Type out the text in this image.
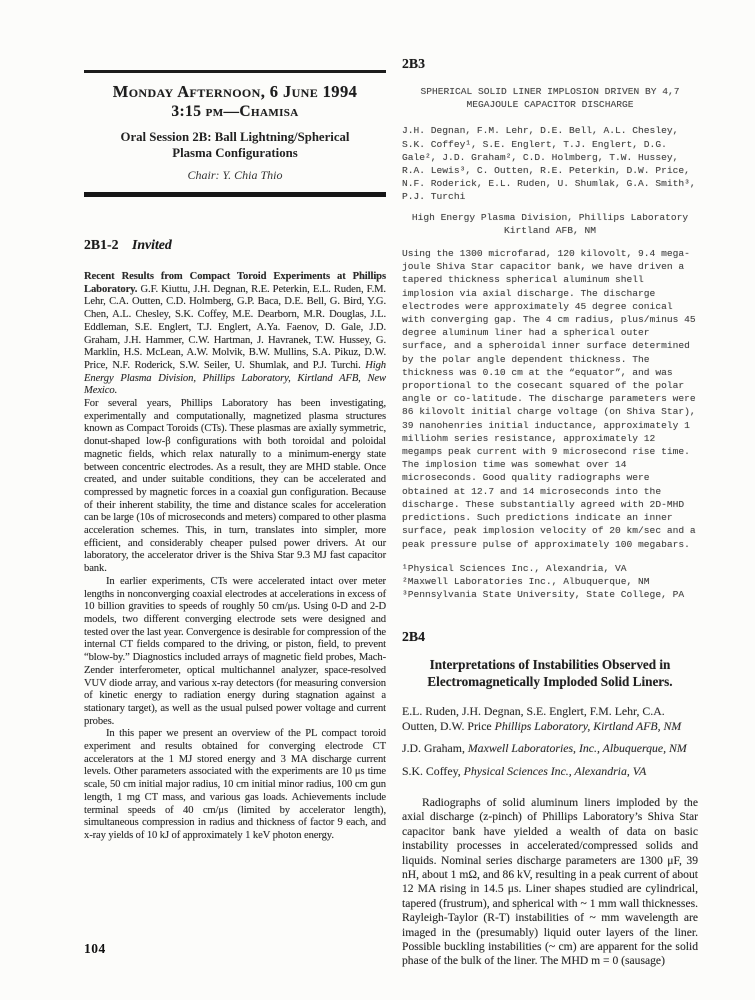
Monday Afternoon, 6 June 1994
3:15 pm—Chamisa
Oral Session 2B: Ball Lightning/Spherical
Plasma Configurations
Chair: Y. Chia Thio
2B1-2 Invited

Recent Results from Compact Toroid Experiments at Phillips Laboratory. G.F. Kiuttu, J.H. Degnan, R.E. Peterkin, E.L. Ruden, F.M. Lehr, C.A. Outten, C.D. Holmberg, G.P. Baca, D.E. Bell, G. Bird, Y.G. Chen, A.L. Chesley, S.K. Coffey, M.E. Dearborn, M.R. Douglas, J.L. Eddleman, S.E. Englert, T.J. Englert, A.Ya. Faenov, D. Gale, J.D. Graham, J.H. Hammer, C.W. Hartman, J. Havranek, T.W. Hussey, G. Marklin, H.S. McLean, A.W. Molvik, B.W. Mullins, S.A. Pikuz, D.W. Price, N.F. Roderick, S.W. Seiler, U. Shumlak, and P.J. Turchi. High Energy Plasma Division, Phillips Laboratory, Kirtland AFB, New Mexico.

For several years, Phillips Laboratory has been investigating, experimentally and computationally, magnetized plasma structures known as Compact Toroids (CTs). These plasmas are axially symmetric, donut-shaped low-β configurations with both toroidal and poloidal magnetic fields, which relax naturally to a minimum-energy state between concentric electrodes. As a result, they are MHD stable. Once created, and under suitable conditions, they can be accelerated and compressed by magnetic forces in a coaxial gun configuration. Because of their inherent stability, the time and distance scales for acceleration can be large (10s of microseconds and meters) compared to other plasma acceleration schemes. This, in turn, translates into simpler, more efficient, and considerably cheaper pulsed power drivers. At our laboratory, the accelerator driver is the Shiva Star 9.3 MJ fast capacitor bank.

In earlier experiments, CTs were accelerated intact over meter lengths in nonconverging coaxial electrodes at accelerations in excess of 10 billion gravities to speeds of roughly 50 cm/μs. Using 0-D and 2-D models, two different converging electrode sets were designed and tested over the last year. Convergence is desirable for compression of the internal CT fields compared to the driving, or piston, field, to prevent “blow-by.” Diagnostics included arrays of magnetic field probes, Mach-Zender interferometer, optical multichannel analyzer, space-resolved VUV diode array, and various x-ray detectors (for measuring conversion of kinetic energy to radiation energy during stagnation against a stationary target), as well as the usual pulsed power voltage and current probes.

In this paper we present an overview of the PL compact toroid experiment and results obtained for converging electrode CT accelerators at the 1 MJ stored energy and 3 MA discharge current levels. Other parameters associated with the experiments are 10 μs time scale, 50 cm initial major radius, 10 cm initial minor radius, 100 cm gun length, 1 mg CT mass, and various gas loads. Achievements include terminal speeds of 40 cm/μs (limited by accelerator length), simultaneous compression in radius and thickness of factor 9 each, and x-ray yields of 10 kJ of approximately 1 keV photon energy.

2B3
SPHERICAL SOLID LINER IMPLOSION DRIVEN BY 4,7
MEGAJOULE CAPACITOR DISCHARGE
J.H. Degnan, F.M. Lehr, D.E. Bell, A.L. Chesley,
S.K. Coffey¹, S.E. Englert, T.J. Englert, D.G.
Gale², J.D. Graham², C.D. Holmberg, T.W. Hussey,
R.A. Lewis³, C. Outten, R.E. Peterkin, D.W. Price,
N.F. Roderick, E.L. Ruden, U. Shumlak, G.A. Smith³,
P.J. Turchi
High Energy Plasma Division, Phillips Laboratory
Kirtland AFB, NM

Using the 1300 microfarad, 120 kilovolt, 9.4 megajoule Shiva Star capacitor bank, we have driven a tapered thickness spherical aluminum shell implosion via axial discharge. The discharge electrodes were approximately 45 degree conical with converging gap. The 4 cm radius, plus/minus 45 degree aluminum liner had a spherical outer surface, and a spheroidal inner surface determined by the polar angle dependent thickness. The thickness was 0.10 cm at the “equator”, and was proportional to the cosecant squared of the polar angle or co-latitude. The discharge parameters were 86 kilovolt initial charge voltage (on Shiva Star), 39 nanohenries initial inductance, approximately 1 milliohm series resistance, approximately 12 megamps peak current with 9 microsecond rise time. The implosion time was somewhat over 14 microseconds. Good quality radiographs were obtained at 12.7 and 14 microseconds into the discharge. These substantially agreed with 2D-MHD predictions. Such predictions indicate an inner surface, peak implosion velocity of 20 km/sec and a peak pressure pulse of approximately 100 megabars.

¹Physical Sciences Inc., Alexandria, VA
²Maxwell Laboratories Inc., Albuquerque, NM
³Pennsylvania State University, State College, PA
2B4
Interpretations of Instabilities Observed in
Electromagnetically Imploded Solid Liners.

E.L. Ruden, J.H. Degnan, S.E. Englert, F.M. Lehr, C.A. Outten, D.W. Price Phillips Laboratory, Kirtland AFB, NM

J.D. Graham, Maxwell Laboratories, Inc., Albuquerque, NM

S.K. Coffey, Physical Sciences Inc., Alexandria, VA

Radiographs of solid aluminum liners imploded by the axial discharge (z-pinch) of Phillips Laboratory’s Shiva Star capacitor bank have yielded a wealth of data on basic instability processes in accelerated/compressed solids and liquids. Nominal series discharge parameters are 1300 μF, 39 nH, about 1 mΩ, and 86 kV, resulting in a peak current of about 12 MA rising in 14.5 μs. Liner shapes studied are cylindrical, tapered (frustrum), and spherical with ~ 1 mm wall thicknesses. Rayleigh-Taylor (R-T) instabilities of ~ mm wavelength are imaged in the (presumably) liquid outer layers of the liner. Possible buckling instabilities (~ cm) are apparent for the solid phase of the bulk of the liner. The MHD m = 0 (sausage)

104
